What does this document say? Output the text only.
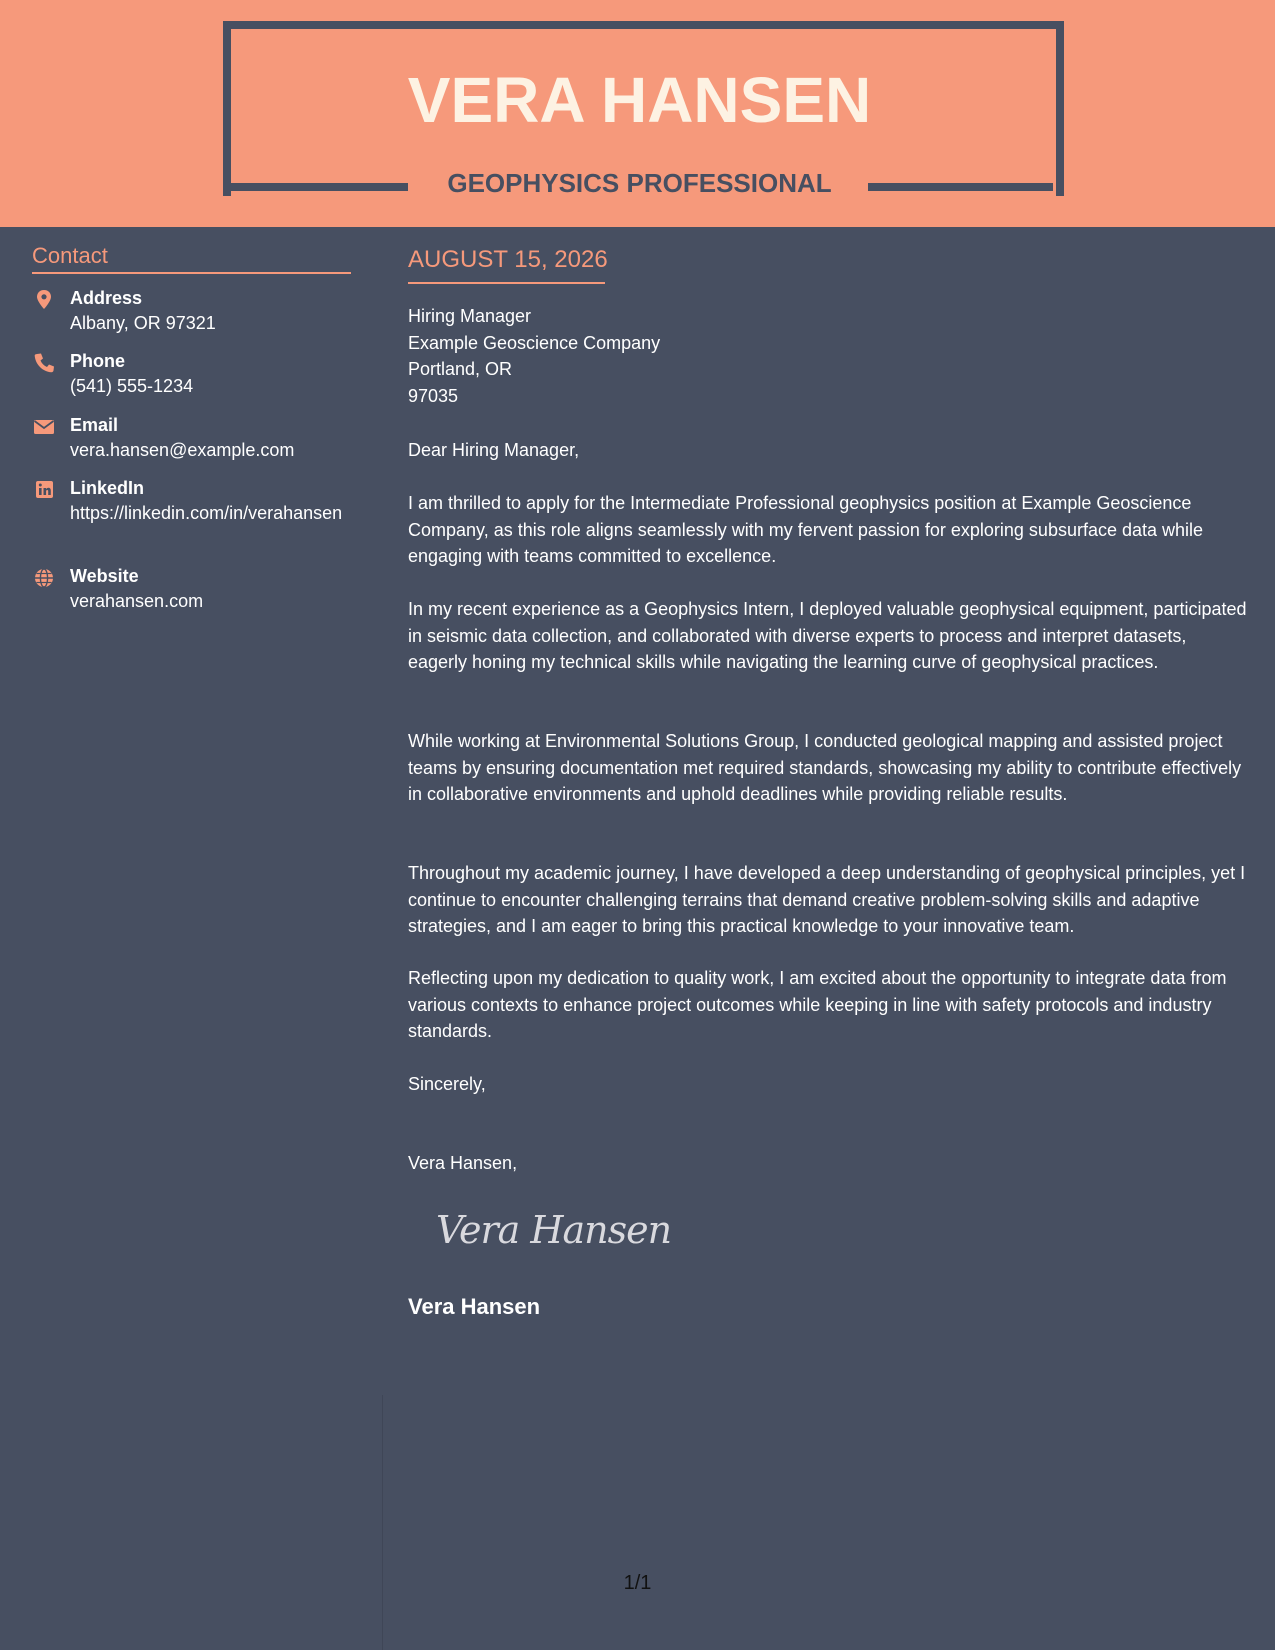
VERA HANSEN
GEOPHYSICS PROFESSIONAL
Contact
Address
Albany, OR 97321
Phone
(541) 555-1234
Email
vera.hansen@example.com
LinkedIn
https://linkedin.com/in/verahansen
Website
verahansen.com
AUGUST 15, 2026

Hiring Manager

Example Geoscience Company

Portland, OR

97035

Dear Hiring Manager,
I am thrilled to apply for the Intermediate Professional geophysics position at Example Geoscience Company, as this role aligns seamlessly with my fervent passion for exploring subsurface data while engaging with teams committed to excellence.
In my recent experience as a Geophysics Intern, I deployed valuable geophysical equipment, participated in seismic data collection, and collaborated with diverse experts to process and interpret datasets, eagerly honing my technical skills while navigating the learning curve of geophysical practices.
While working at Environmental Solutions Group, I conducted geological mapping and assisted project teams by ensuring documentation met required standards, showcasing my ability to contribute effectively in collaborative environments and uphold deadlines while providing reliable results.
Throughout my academic journey, I have developed a deep understanding of geophysical principles, yet I continue to encounter challenging terrains that demand creative problem-solving skills and adaptive strategies, and I am eager to bring this practical knowledge to your innovative team.
Reflecting upon my dedication to quality work, I am excited about the opportunity to integrate data from various contexts to enhance project outcomes while keeping in line with safety protocols and industry standards.
Sincerely,
Vera Hansen,
Vera Hansen
Vera Hansen
1/1
